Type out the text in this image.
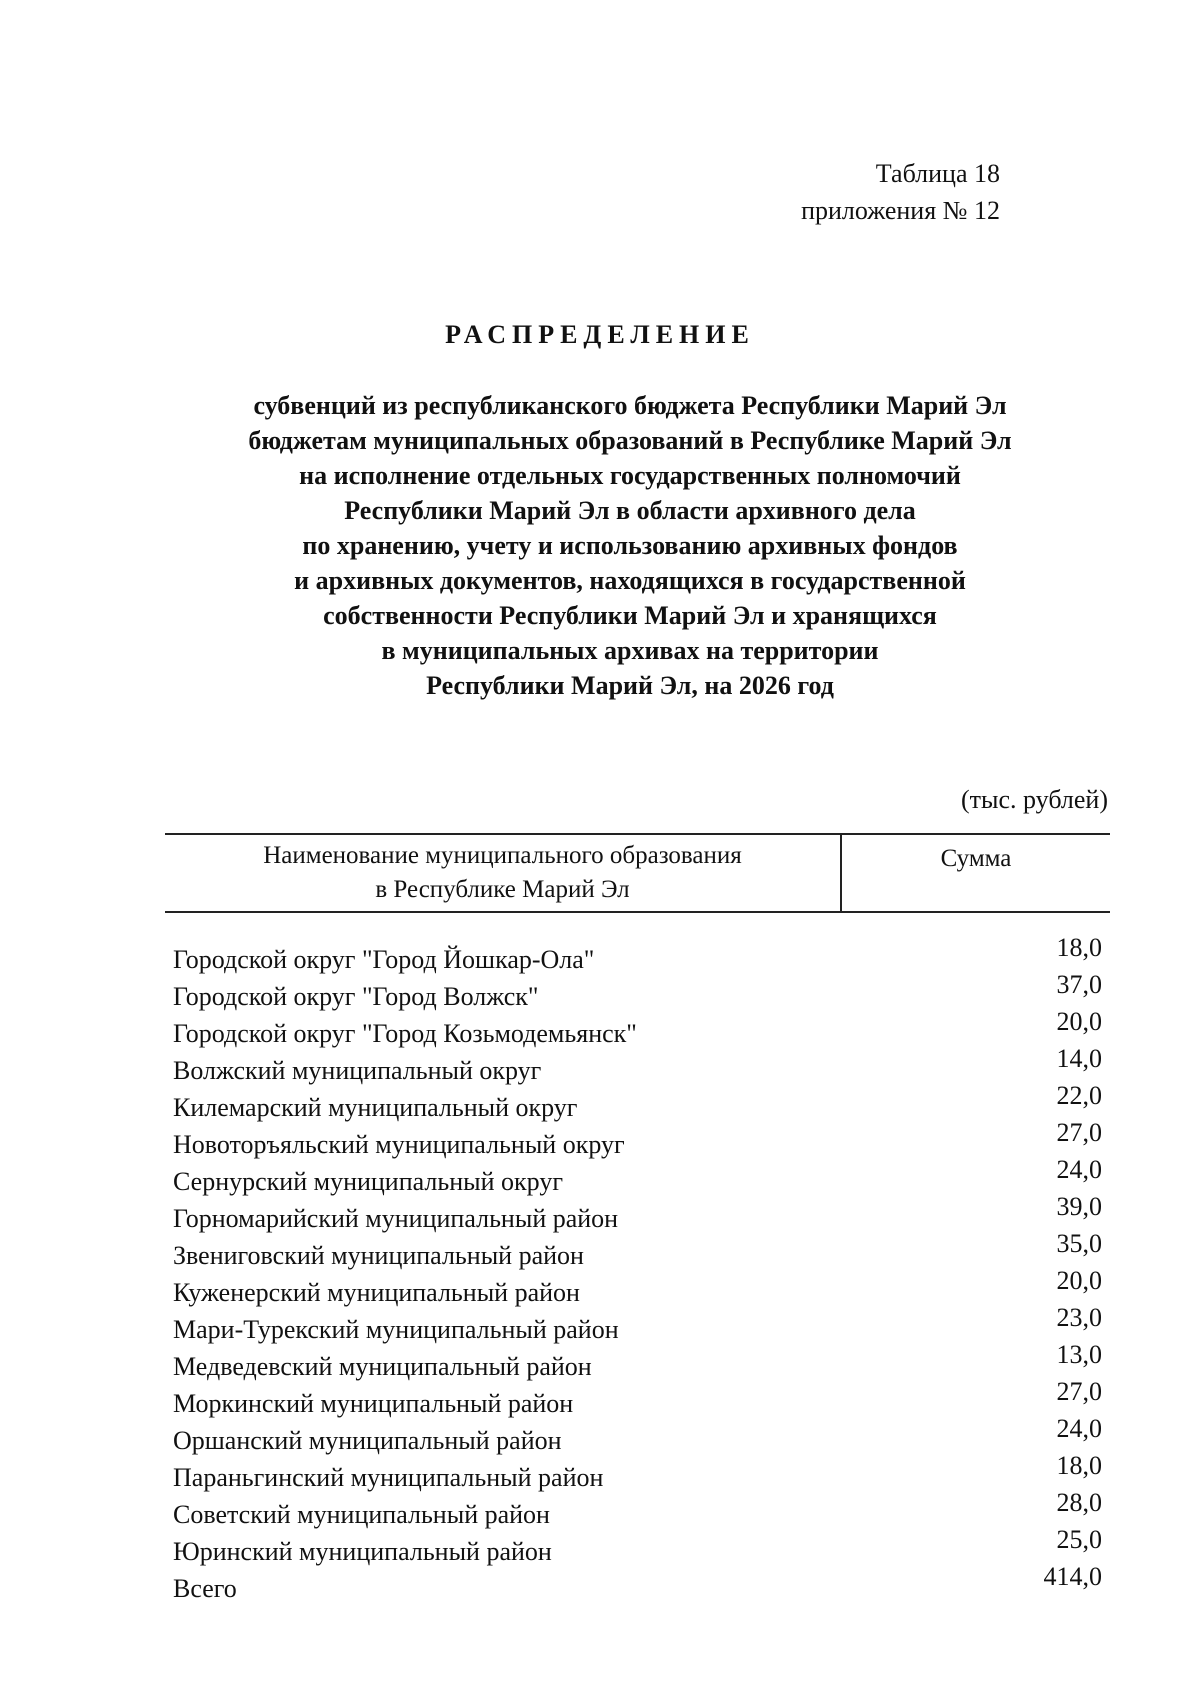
Таблица 18
приложения № 12
РАСПРЕДЕЛЕНИЕ
субвенций из республиканского бюджета Республики Марий Эл
бюджетам муниципальных образований в Республике Марий Эл
на исполнение отдельных государственных полномочий
Республики Марий Эл в области архивного дела
по хранению, учету и использованию архивных фондов
и архивных документов, находящихся в государственной
собственности Республики Марий Эл и хранящихся
в муниципальных архивах на территории
Республики Марий Эл, на 2026 год
(тыс. рублей)
Наименование муниципального образования
в Республике Марий Эл
Сумма
Городской округ "Город Йошкар-Ола"	18,0
Городской округ "Город Волжск"	37,0
Городской округ "Город Козьмодемьянск"	20,0
Волжский муниципальный округ	14,0
Килемарский муниципальный округ	22,0
Новоторъяльский муниципальный округ	27,0
Сернурский муниципальный округ	24,0
Горномарийский муниципальный район	39,0
Звениговский муниципальный район	35,0
Куженерский муниципальный район	20,0
Мари-Турекский муниципальный район	23,0
Медведевский муниципальный район	13,0
Моркинский муниципальный район	27,0
Оршанский муниципальный район	24,0
Параньгинский муниципальный район	18,0
Советский муниципальный район	28,0
Юринский муниципальный район	25,0
Всего	414,0
